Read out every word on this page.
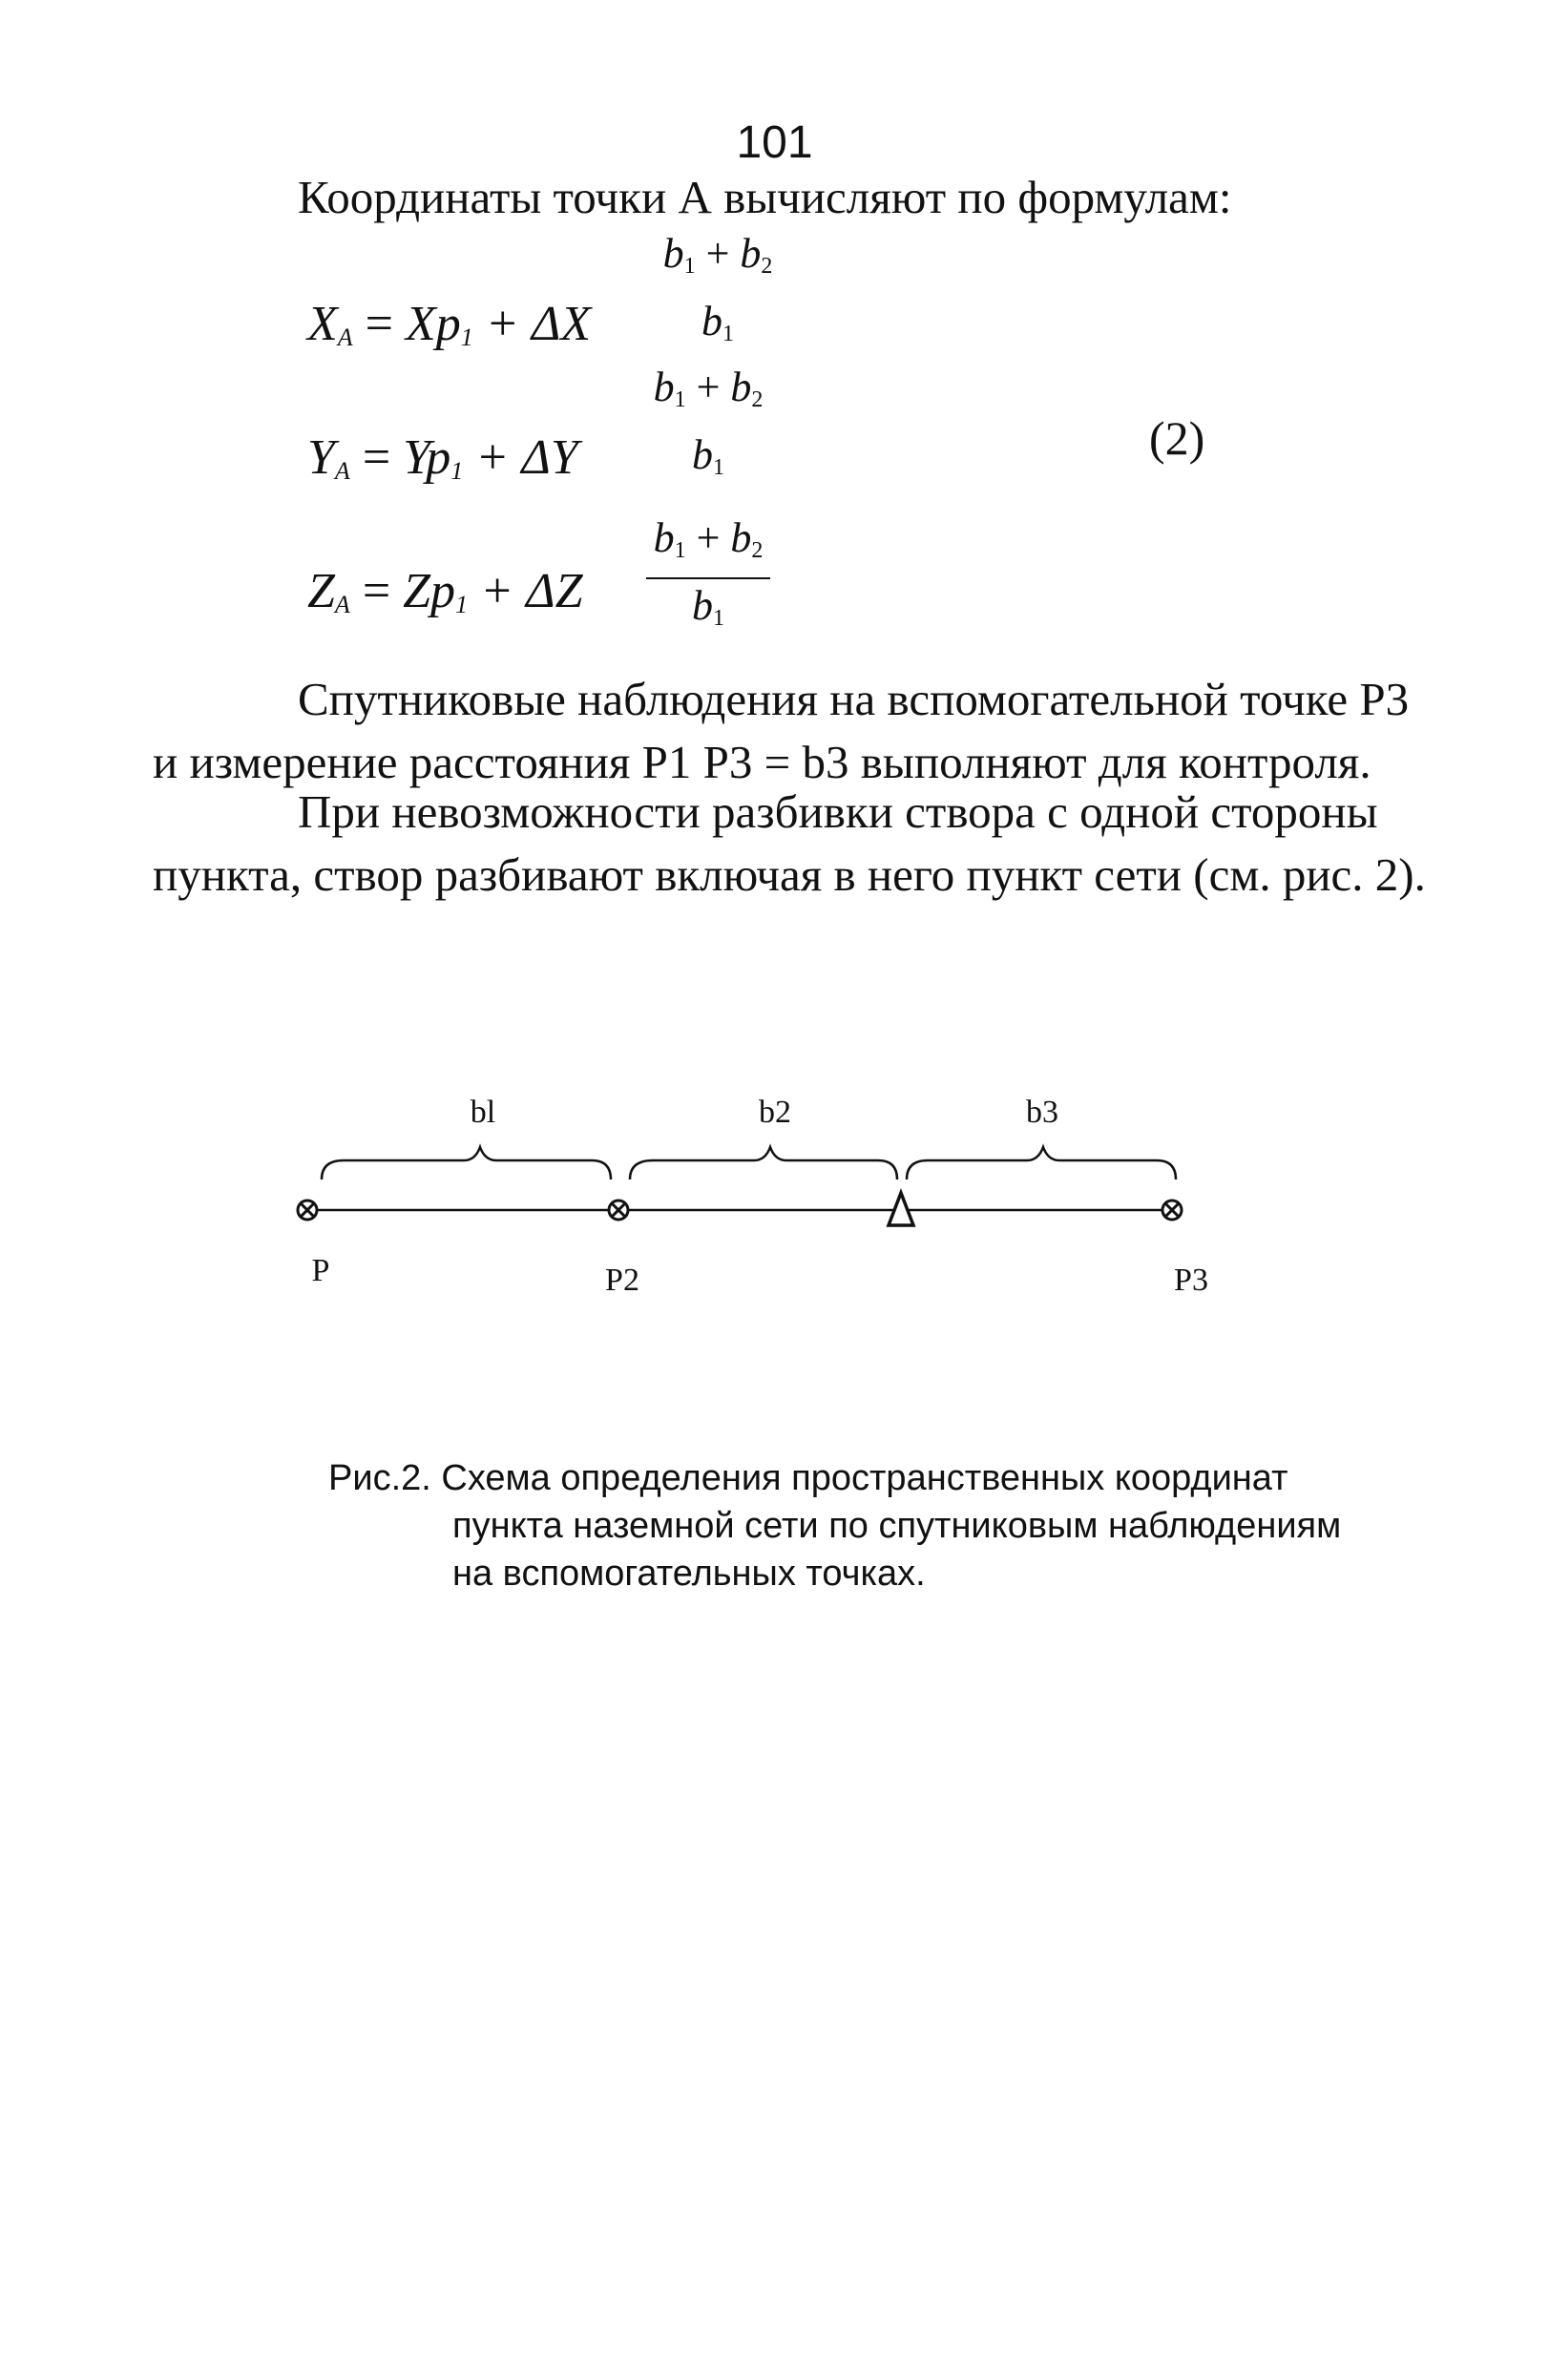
101
Координаты точки А вычисляют по формулам:
$X_A = Xp_1 + \Delta X$
$b_1 + b_2$
$b_1$
$Y_A = Yp_1 + \Delta Y$
$b_1 + b_2$
$b_1$
$Z_A = Zp_1 + \Delta Z$
$b_1 + b_2$
$b_1$
(2)
Спутниковые наблюдения на вспомогательной точке Р3
и измерение расстояния Р1 Р3 = b3 выполняют для контроля.
При невозможности разбивки створа с одной стороны
пункта, створ разбивают включая в него пункт сети (см. рис. 2).
bl	b2	b3
Р	Р2	Р3
Рис.2. Схема определения пространственных координат
пункта наземной сети по спутниковым наблюдениям
на вспомогательных точках.
